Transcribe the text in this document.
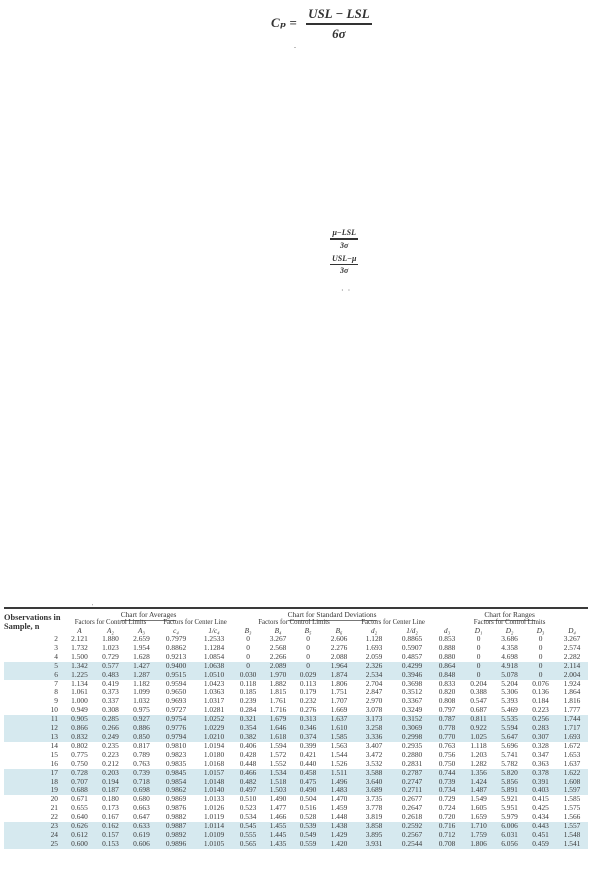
$C_p = \frac{\text{USL − LSL}}{6\sigma}$
.
μ−LSL
3σ
USL−μ
3σ
· ·
Observations in Sample, n	Chart for Averages					Chart for Standard Deviations						Chart for Ranges				
	Factors for Control Limits			Factors for Center Line		Factors for Control Limits				Factors for Center Line		Factors for Control Limits				
	A	A₂	A₃	c₄	1/c₄	B₃	B₄	B₅	B₆	d₂	1/d₂	d₃	D₁	D₂	D₃	D₄
2	2.121	1.880	2.659	0.7979	1.2533	0	3.267	0	2.606	1.128	0.8865	0.853	0	3.686	0	3.267
3	1.732	1.023	1.954	0.8862	1.1284	0	2.568	0	2.276	1.693	0.5907	0.888	0	4.358	0	2.574
4	1.500	0.729	1.628	0.9213	1.0854	0	2.266	0	2.088	2.059	0.4857	0.880	0	4.698	0	2.282
5	1.342	0.577	1.427	0.9400	1.0638	0	2.089	0	1.964	2.326	0.4299	0.864	0	4.918	0	2.114
6	1.225	0.483	1.287	0.9515	1.0510	0.030	1.970	0.029	1.874	2.534	0.3946	0.848	0	5.078	0	2.004
7	1.134	0.419	1.182	0.9594	1.0423	0.118	1.882	0.113	1.806	2.704	0.3698	0.833	0.204	5.204	0.076	1.924
8	1.061	0.373	1.099	0.9650	1.0363	0.185	1.815	0.179	1.751	2.847	0.3512	0.820	0.388	5.306	0.136	1.864
9	1.000	0.337	1.032	0.9693	1.0317	0.239	1.761	0.232	1.707	2.970	0.3367	0.808	0.547	5.393	0.184	1.816
10	0.949	0.308	0.975	0.9727	1.0281	0.284	1.716	0.276	1.669	3.078	0.3249	0.797	0.687	5.469	0.223	1.777
11	0.905	0.285	0.927	0.9754	1.0252	0.321	1.679	0.313	1.637	3.173	0.3152	0.787	0.811	5.535	0.256	1.744
12	0.866	0.266	0.886	0.9776	1.0229	0.354	1.646	0.346	1.610	3.258	0.3069	0.778	0.922	5.594	0.283	1.717
13	0.832	0.249	0.850	0.9794	1.0210	0.382	1.618	0.374	1.585	3.336	0.2998	0.770	1.025	5.647	0.307	1.693
14	0.802	0.235	0.817	0.9810	1.0194	0.406	1.594	0.399	1.563	3.407	0.2935	0.763	1.118	5.696	0.328	1.672
15	0.775	0.223	0.789	0.9823	1.0180	0.428	1.572	0.421	1.544	3.472	0.2880	0.756	1.203	5.741	0.347	1.653
16	0.750	0.212	0.763	0.9835	1.0168	0.448	1.552	0.440	1.526	3.532	0.2831	0.750	1.282	5.782	0.363	1.637
17	0.728	0.203	0.739	0.9845	1.0157	0.466	1.534	0.458	1.511	3.588	0.2787	0.744	1.356	5.820	0.378	1.622
18	0.707	0.194	0.718	0.9854	1.0148	0.482	1.518	0.475	1.496	3.640	0.2747	0.739	1.424	5.856	0.391	1.608
19	0.688	0.187	0.698	0.9862	1.0140	0.497	1.503	0.490	1.483	3.689	0.2711	0.734	1.487	5.891	0.403	1.597
20	0.671	0.180	0.680	0.9869	1.0133	0.510	1.490	0.504	1.470	3.735	0.2677	0.729	1.549	5.921	0.415	1.585
21	0.655	0.173	0.663	0.9876	1.0126	0.523	1.477	0.516	1.459	3.778	0.2647	0.724	1.605	5.951	0.425	1.575
22	0.640	0.167	0.647	0.9882	1.0119	0.534	1.466	0.528	1.448	3.819	0.2618	0.720	1.659	5.979	0.434	1.566
23	0.626	0.162	0.633	0.9887	1.0114	0.545	1.455	0.539	1.438	3.858	0.2592	0.716	1.710	6.006	0.443	1.557
24	0.612	0.157	0.619	0.9892	1.0109	0.555	1.445	0.549	1.429	3.895	0.2567	0.712	1.759	6.031	0.451	1.548
25	0.600	0.153	0.606	0.9896	1.0105	0.565	1.435	0.559	1.420	3.931	0.2544	0.708	1.806	6.056	0.459	1.541
